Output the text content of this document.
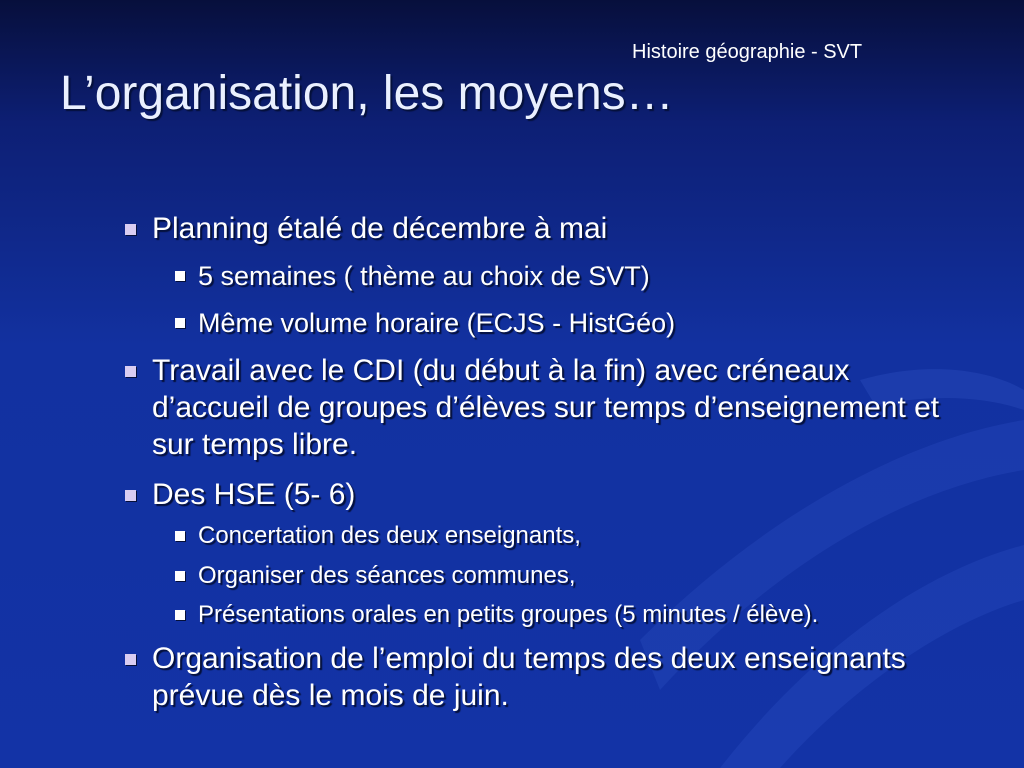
Histoire géographie - SVT
L’organisation, les moyens…
Planning étalé de décembre à mai
5 semaines ( thème au choix de SVT)
Même volume horaire (ECJS - HistGéo)
Travail avec le CDI (du début à la fin) avec créneaux d’accueil de groupes d’élèves sur temps d’enseignement et sur temps libre.
Des HSE (5- 6)
Concertation des deux enseignants,
Organiser des séances communes,
Présentations orales en petits groupes (5 minutes / élève).
Organisation de l’emploi du temps des deux enseignants prévue dès le mois de juin.
